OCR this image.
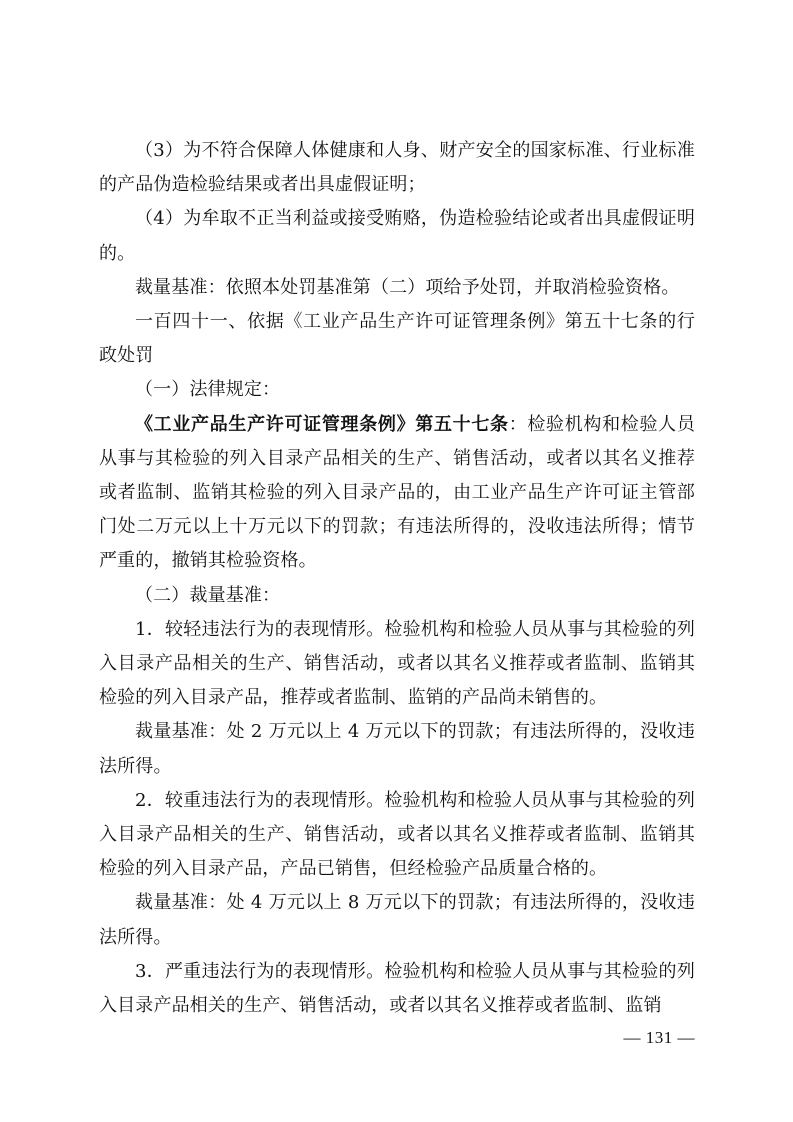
（3）为不符合保障人体健康和人身、财产安全的国家标准、行业标准的产品伪造检验结果或者出具虚假证明；

（4）为牟取不正当利益或接受贿赂，伪造检验结论或者出具虚假证明的。

裁量基准：依照本处罚基准第（二）项给予处罚，并取消检验资格。

一百四十一、依据《工业产品生产许可证管理条例》第五十七条的行政处罚

（一）法律规定：

《工业产品生产许可证管理条例》第五十七条：检验机构和检验人员从事与其检验的列入目录产品相关的生产、销售活动，或者以其名义推荐或者监制、监销其检验的列入目录产品的，由工业产品生产许可证主管部门处二万元以上十万元以下的罚款；有违法所得的，没收违法所得；情节严重的，撤销其检验资格。

（二）裁量基准：

1．较轻违法行为的表现情形。检验机构和检验人员从事与其检验的列入目录产品相关的生产、销售活动，或者以其名义推荐或者监制、监销其检验的列入目录产品，推荐或者监制、监销的产品尚未销售的。

裁量基准：处 2 万元以上 4 万元以下的罚款；有违法所得的，没收违法所得。

2．较重违法行为的表现情形。检验机构和检验人员从事与其检验的列入目录产品相关的生产、销售活动，或者以其名义推荐或者监制、监销其检验的列入目录产品，产品已销售，但经检验产品质量合格的。

裁量基准：处 4 万元以上 8 万元以下的罚款；有违法所得的，没收违法所得。

3．严重违法行为的表现情形。检验机构和检验人员从事与其检验的列入目录产品相关的生产、销售活动，或者以其名义推荐或者监制、监销

— 131 —
